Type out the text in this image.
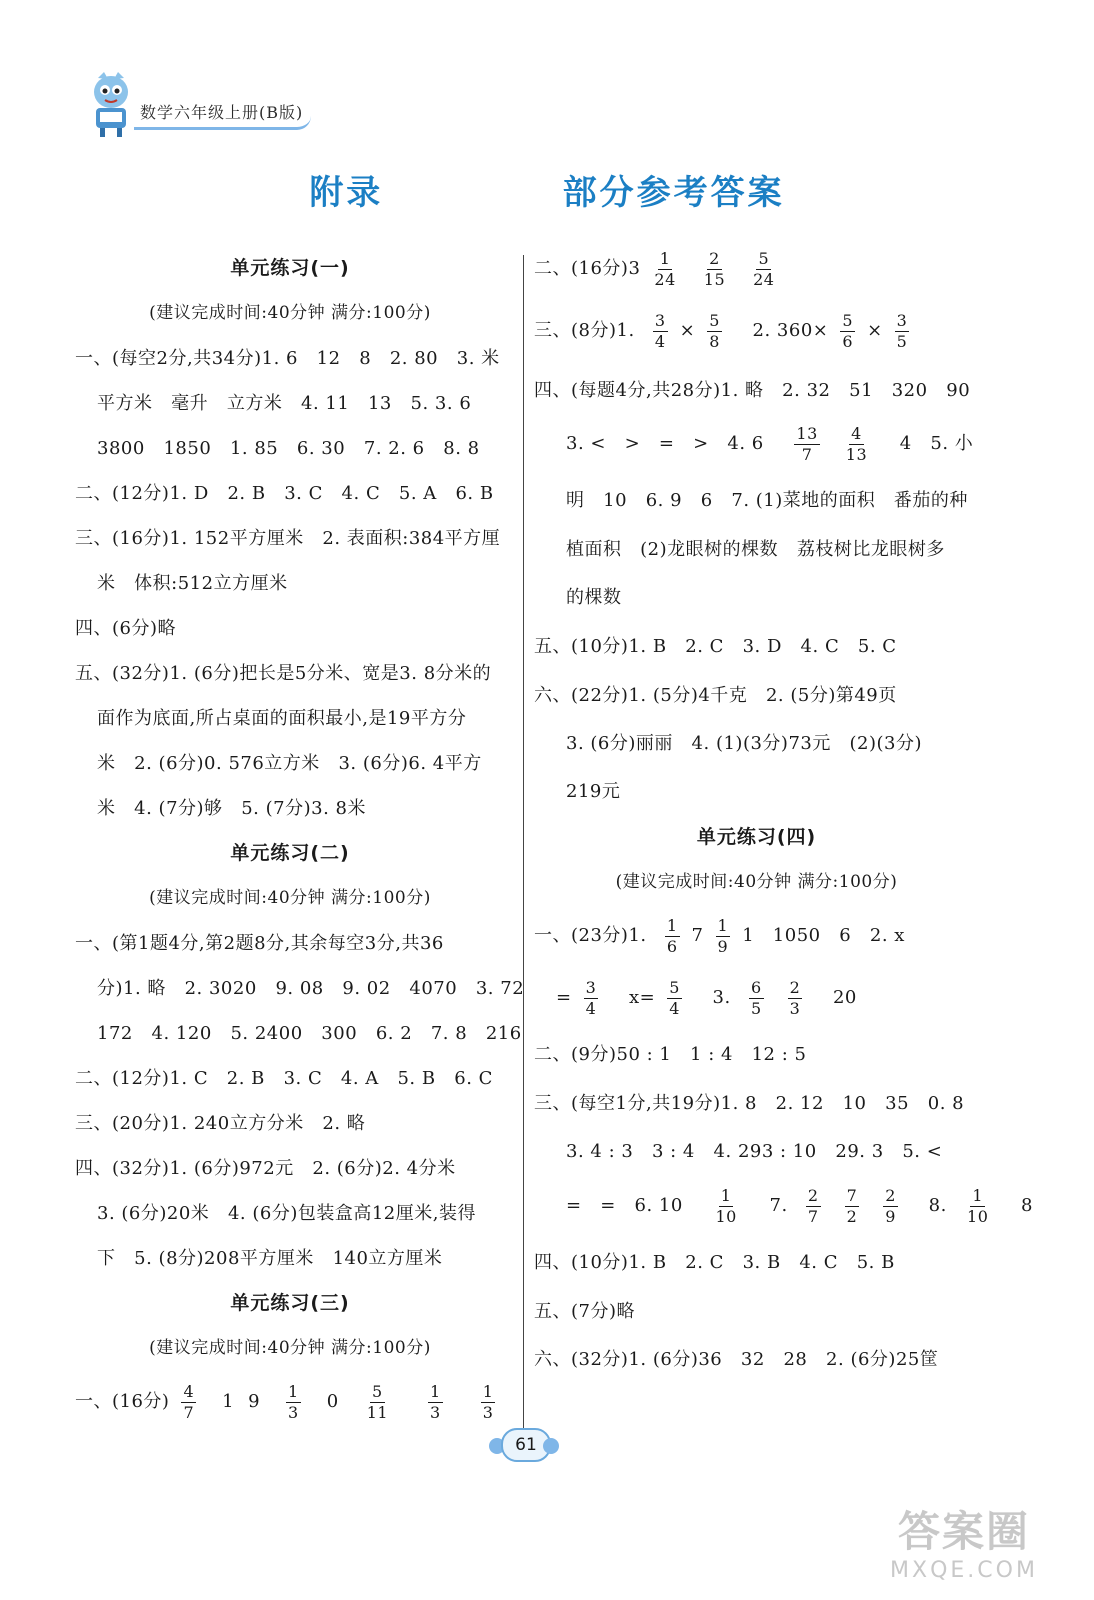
数学六年级上册(B版)
附录    部分参考答案
单元练习(一)
(建议完成时间:40分钟 满分:100分)
一、(每空2分,共34分)1. 6   12   8   2. 80   3. 米
平方米   毫升   立方米   4. 11   13   5. 3. 6
3800   1850   1. 85   6. 30   7. 2. 6   8. 8
二、(12分)1. D   2. B   3. C   4. C   5. A   6. B
三、(16分)1. 152平方厘米   2. 表面积:384平方厘
米   体积:512立方厘米
四、(6分)略
五、(32分)1. (6分)把长是5分米、宽是3. 8分米的
面作为底面,所占桌面的面积最小,是19平方分
米   2. (6分)0. 576立方米   3. (6分)6. 4平方
米   4. (7分)够   5. (7分)3. 8米
单元练习(二)
(建议完成时间:40分钟 满分:100分)
一、(第1题4分,第2题8分,其余每空3分,共36
分)1. 略   2. 3020   9. 08   9. 02   4070   3. 72
172   4. 120   5. 2400   300   6. 2   7. 8   216
二、(12分)1. C   2. B   3. C   4. A   5. B   6. C
三、(20分)1. 240立方分米   2. 略
四、(32分)1. (6分)972元   2. (6分)2. 4分米
3. (6分)20米   4. (6分)包装盒高12厘米,装得
下   5. (8分)208平方厘米   140立方厘米
单元练习(三)
(建议完成时间:40分钟 满分:100分)
一、(16分) $\frac{4}{7} 1$ $9 \frac{1}{3} 0 \frac{5}{11} \frac{1}{3} \frac{1}{3}$
二、(16分)$3 \frac{1}{24} \frac{2}{15} \frac{5}{24}$
三、(8分)1. $\frac{3}{4} \times \frac{5}{8} 2$. $360\times \frac{5}{6} \times \frac{3}{5}$
四、(每题4分,共28分)1. 略   2. 32   51   320   90
3. <   >   =   >   4. $6 \frac{13}{7} \frac{4}{13} 4$   5. 小
明   10   6. 9   6   7. (1)菜地的面积   番茄的种
植面积   (2)龙眼树的棵数   荔枝树比龙眼树多
的棵数
五、(10分)1. B   2. C   3. D   4. C   5. C
六、(22分)1. (5分)4千克   2. (5分)第49页
3. (6分)丽丽   4. (1)(3分)73元   (2)(3分)
219元
单元练习(四)
(建议完成时间:40分钟 满分:100分)
一、(23分)1. $\frac{1}{6} 7 \frac{1}{9} 1$   10 5 0   6   2. x
= $\frac{3}{4} x= \frac{5}{4} 3$. $\frac{6}{5} \frac{2}{3} 20$
二、(9分)50 : 1   1 : 4   12 : 5
三、(每空1分,共19分)1. 8   2. 12   10   35   0. 8
3. 4 : 3   3 : 4   4. 293 : 10   29. 3   5. <
=   =   6. $10 \frac{1}{10} 7$. $\frac{2}{7} \frac{7}{2} \frac{2}{9} 8$. $\frac{1}{10} 8$
四、(10分)1. B   2. C   3. B   4. C   5. B
五、(7分)略
六、(32分)1. (6分)36   32   28   2. (6分)25筐
61
答案圈
MXQE.COM
